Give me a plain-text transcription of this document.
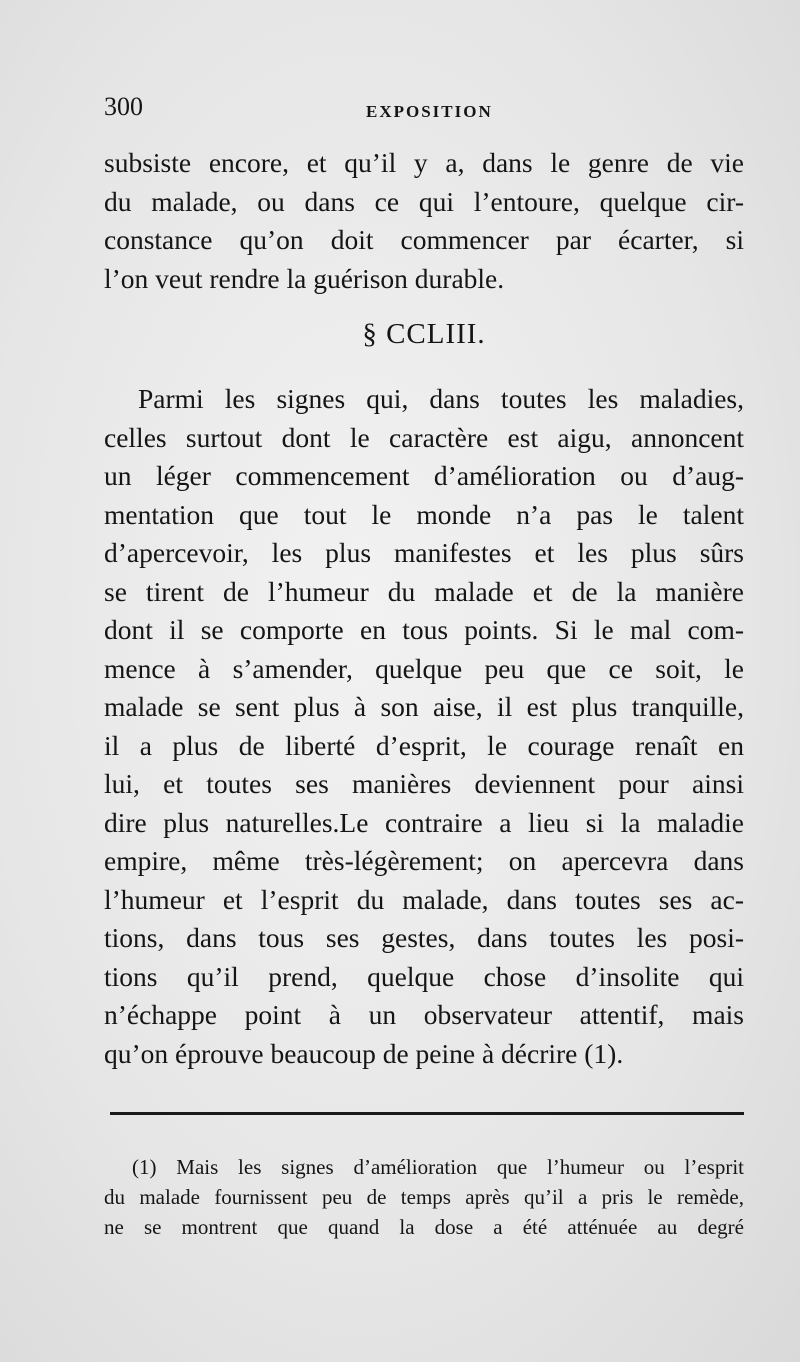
300	EXPOSITION
subsiste encore, et qu’il y a, dans le genre de vie
du malade, ou dans ce qui l’entoure, quelque cir-
constance qu’on doit commencer par écarter, si
l’on veut rendre la guérison durable.
§ CCLIII.
Parmi les signes qui, dans toutes les maladies,
celles surtout dont le caractère est aigu, annoncent
un léger commencement d’amélioration ou d’aug-
mentation que tout le monde n’a pas le talent
d’apercevoir, les plus manifestes et les plus sûrs
se tirent de l’humeur du malade et de la manière
dont il se comporte en tous points. Si le mal com-
mence à s’amender, quelque peu que ce soit, le
malade se sent plus à son aise, il est plus tranquille,
il a plus de liberté d’esprit, le courage renaît en
lui, et toutes ses manières deviennent pour ainsi
dire plus naturelles.Le contraire a lieu si la maladie
empire, même très-légèrement; on apercevra dans
l’humeur et l’esprit du malade, dans toutes ses ac-
tions, dans tous ses gestes, dans toutes les posi-
tions qu’il prend, quelque chose d’insolite qui
n’échappe point à un observateur attentif, mais
qu’on éprouve beaucoup de peine à décrire (1).
(1) Mais les signes d’amélioration que l’humeur ou l’esprit
du malade fournissent peu de temps après qu’il a pris le remède,
ne se montrent que quand la dose a été atténuée au degré
